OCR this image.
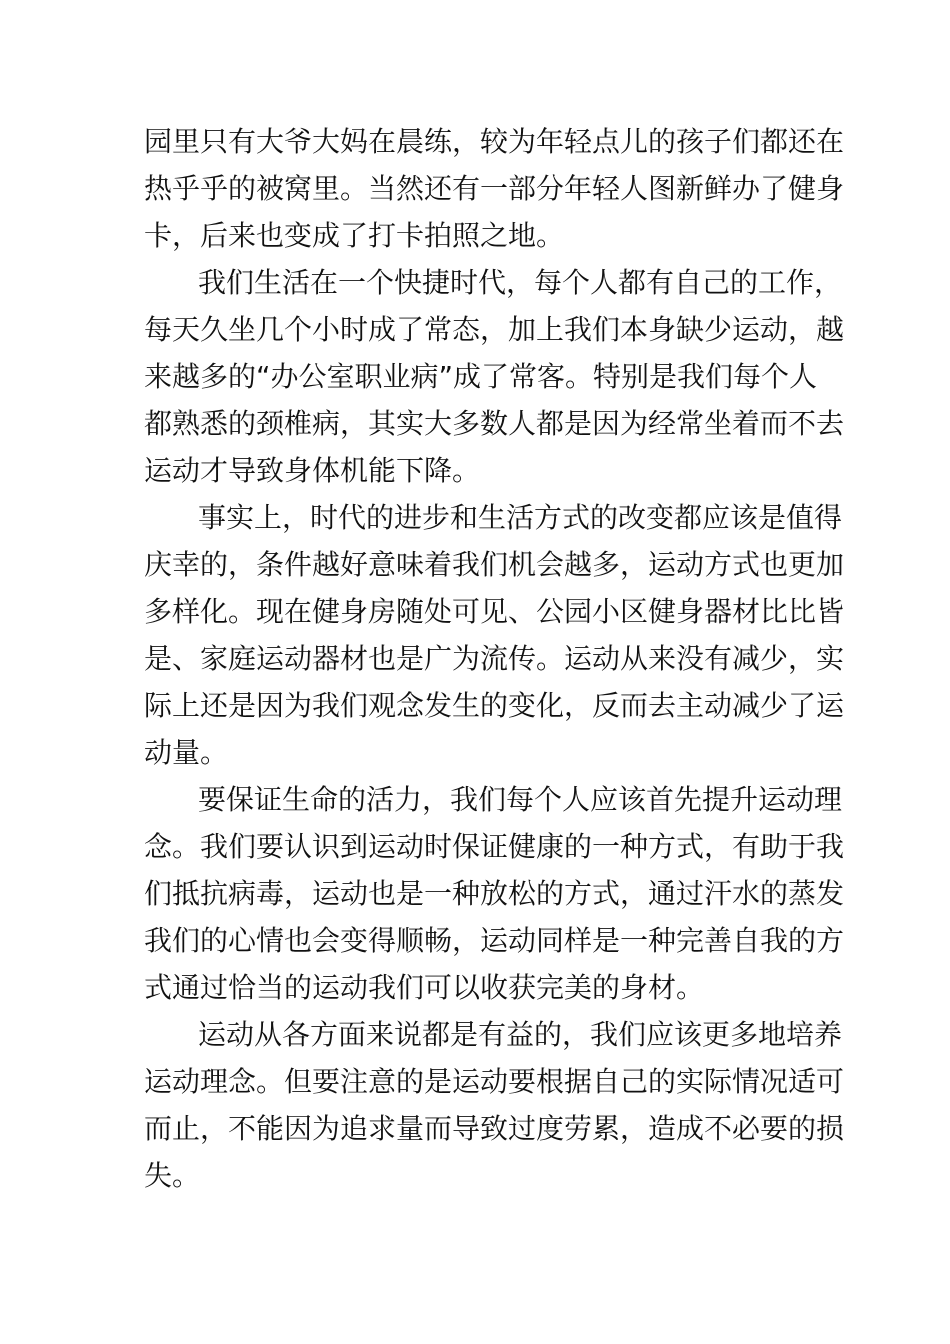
园里只有大爷大妈在晨练，较为年轻点儿的孩子们都还在
热乎乎的被窝里。当然还有一部分年轻人图新鲜办了健身
卡，后来也变成了打卡拍照之地。
我们生活在一个快捷时代，每个人都有自己的工作，
每天久坐几个小时成了常态，加上我们本身缺少运动，越
来越多的“办公室职业病”成了常客。特别是我们每个人
都熟悉的颈椎病，其实大多数人都是因为经常坐着而不去
运动才导致身体机能下降。
事实上，时代的进步和生活方式的改变都应该是值得
庆幸的，条件越好意味着我们机会越多，运动方式也更加
多样化。现在健身房随处可见、公园小区健身器材比比皆
是、家庭运动器材也是广为流传。运动从来没有减少，实
际上还是因为我们观念发生的变化，反而去主动减少了运
动量。
要保证生命的活力，我们每个人应该首先提升运动理
念。我们要认识到运动时保证健康的一种方式，有助于我
们抵抗病毒，运动也是一种放松的方式，通过汗水的蒸发
我们的心情也会变得顺畅，运动同样是一种完善自我的方
式通过恰当的运动我们可以收获完美的身材。
运动从各方面来说都是有益的，我们应该更多地培养
运动理念。但要注意的是运动要根据自己的实际情况适可
而止，不能因为追求量而导致过度劳累，造成不必要的损
失。
